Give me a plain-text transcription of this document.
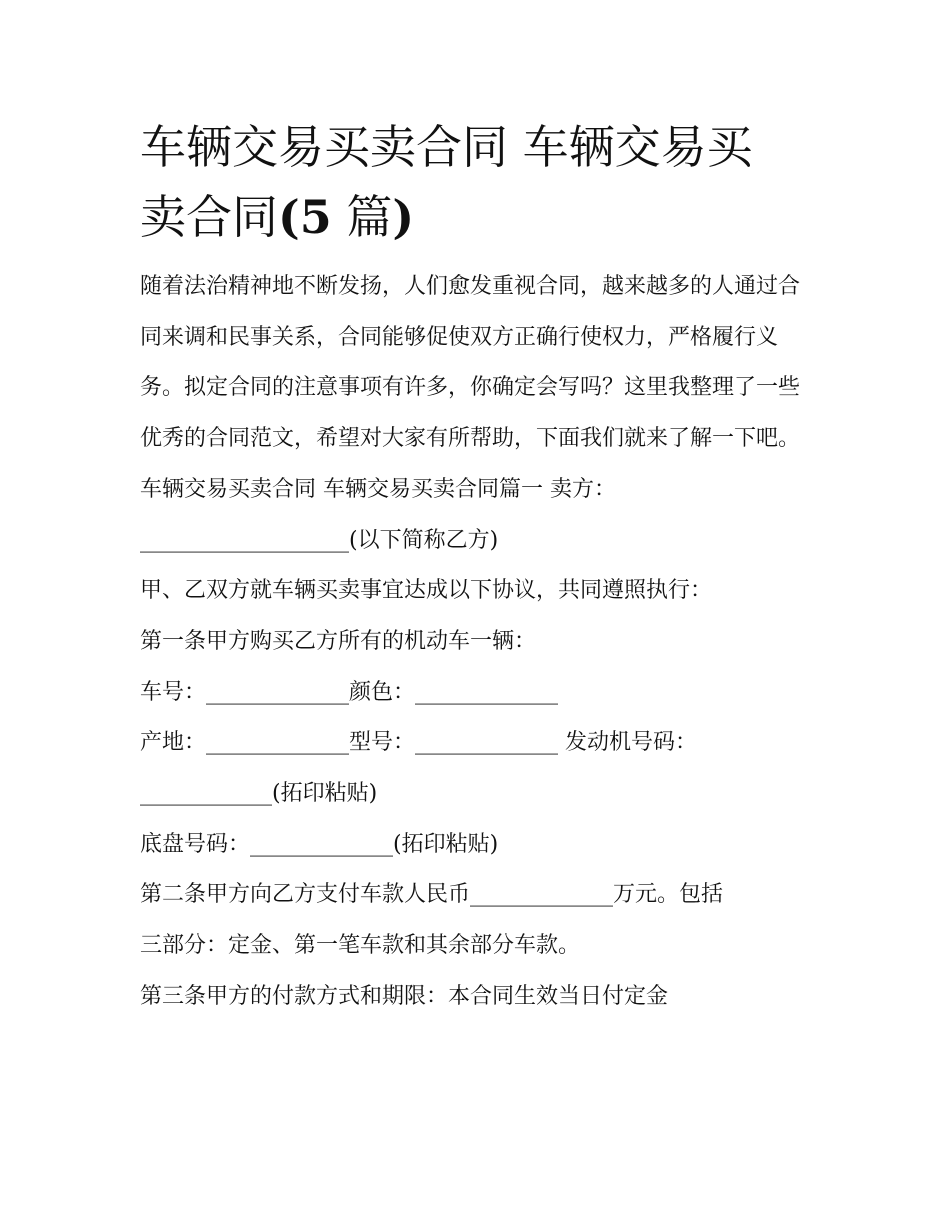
车辆交易买卖合同 车辆交易买
卖合同(5 篇)

随着法治精神地不断发扬，人们愈发重视合同，越来越多的人通过合同来调和民事关系，合同能够促使双方正确行使权力，严格履行义务。拟定合同的注意事项有许多，你确定会写吗？这里我整理了一些优秀的合同范文，希望对大家有所帮助，下面我们就来了解一下吧。

车辆交易买卖合同 车辆交易买卖合同篇一 卖方：

___________________(以下简称乙方)

甲、乙双方就车辆买卖事宜达成以下协议，共同遵照执行：

第一条甲方购买乙方所有的机动车一辆：

车号：_____________颜色：_____________

产地：_____________型号：_____________ 发动机号码：

____________(拓印粘贴)

底盘号码：_____________(拓印粘贴)

第二条甲方向乙方支付车款人民币_____________万元。包括

三部分：定金、第一笔车款和其余部分车款。

第三条甲方的付款方式和期限：本合同生效当日付定金
